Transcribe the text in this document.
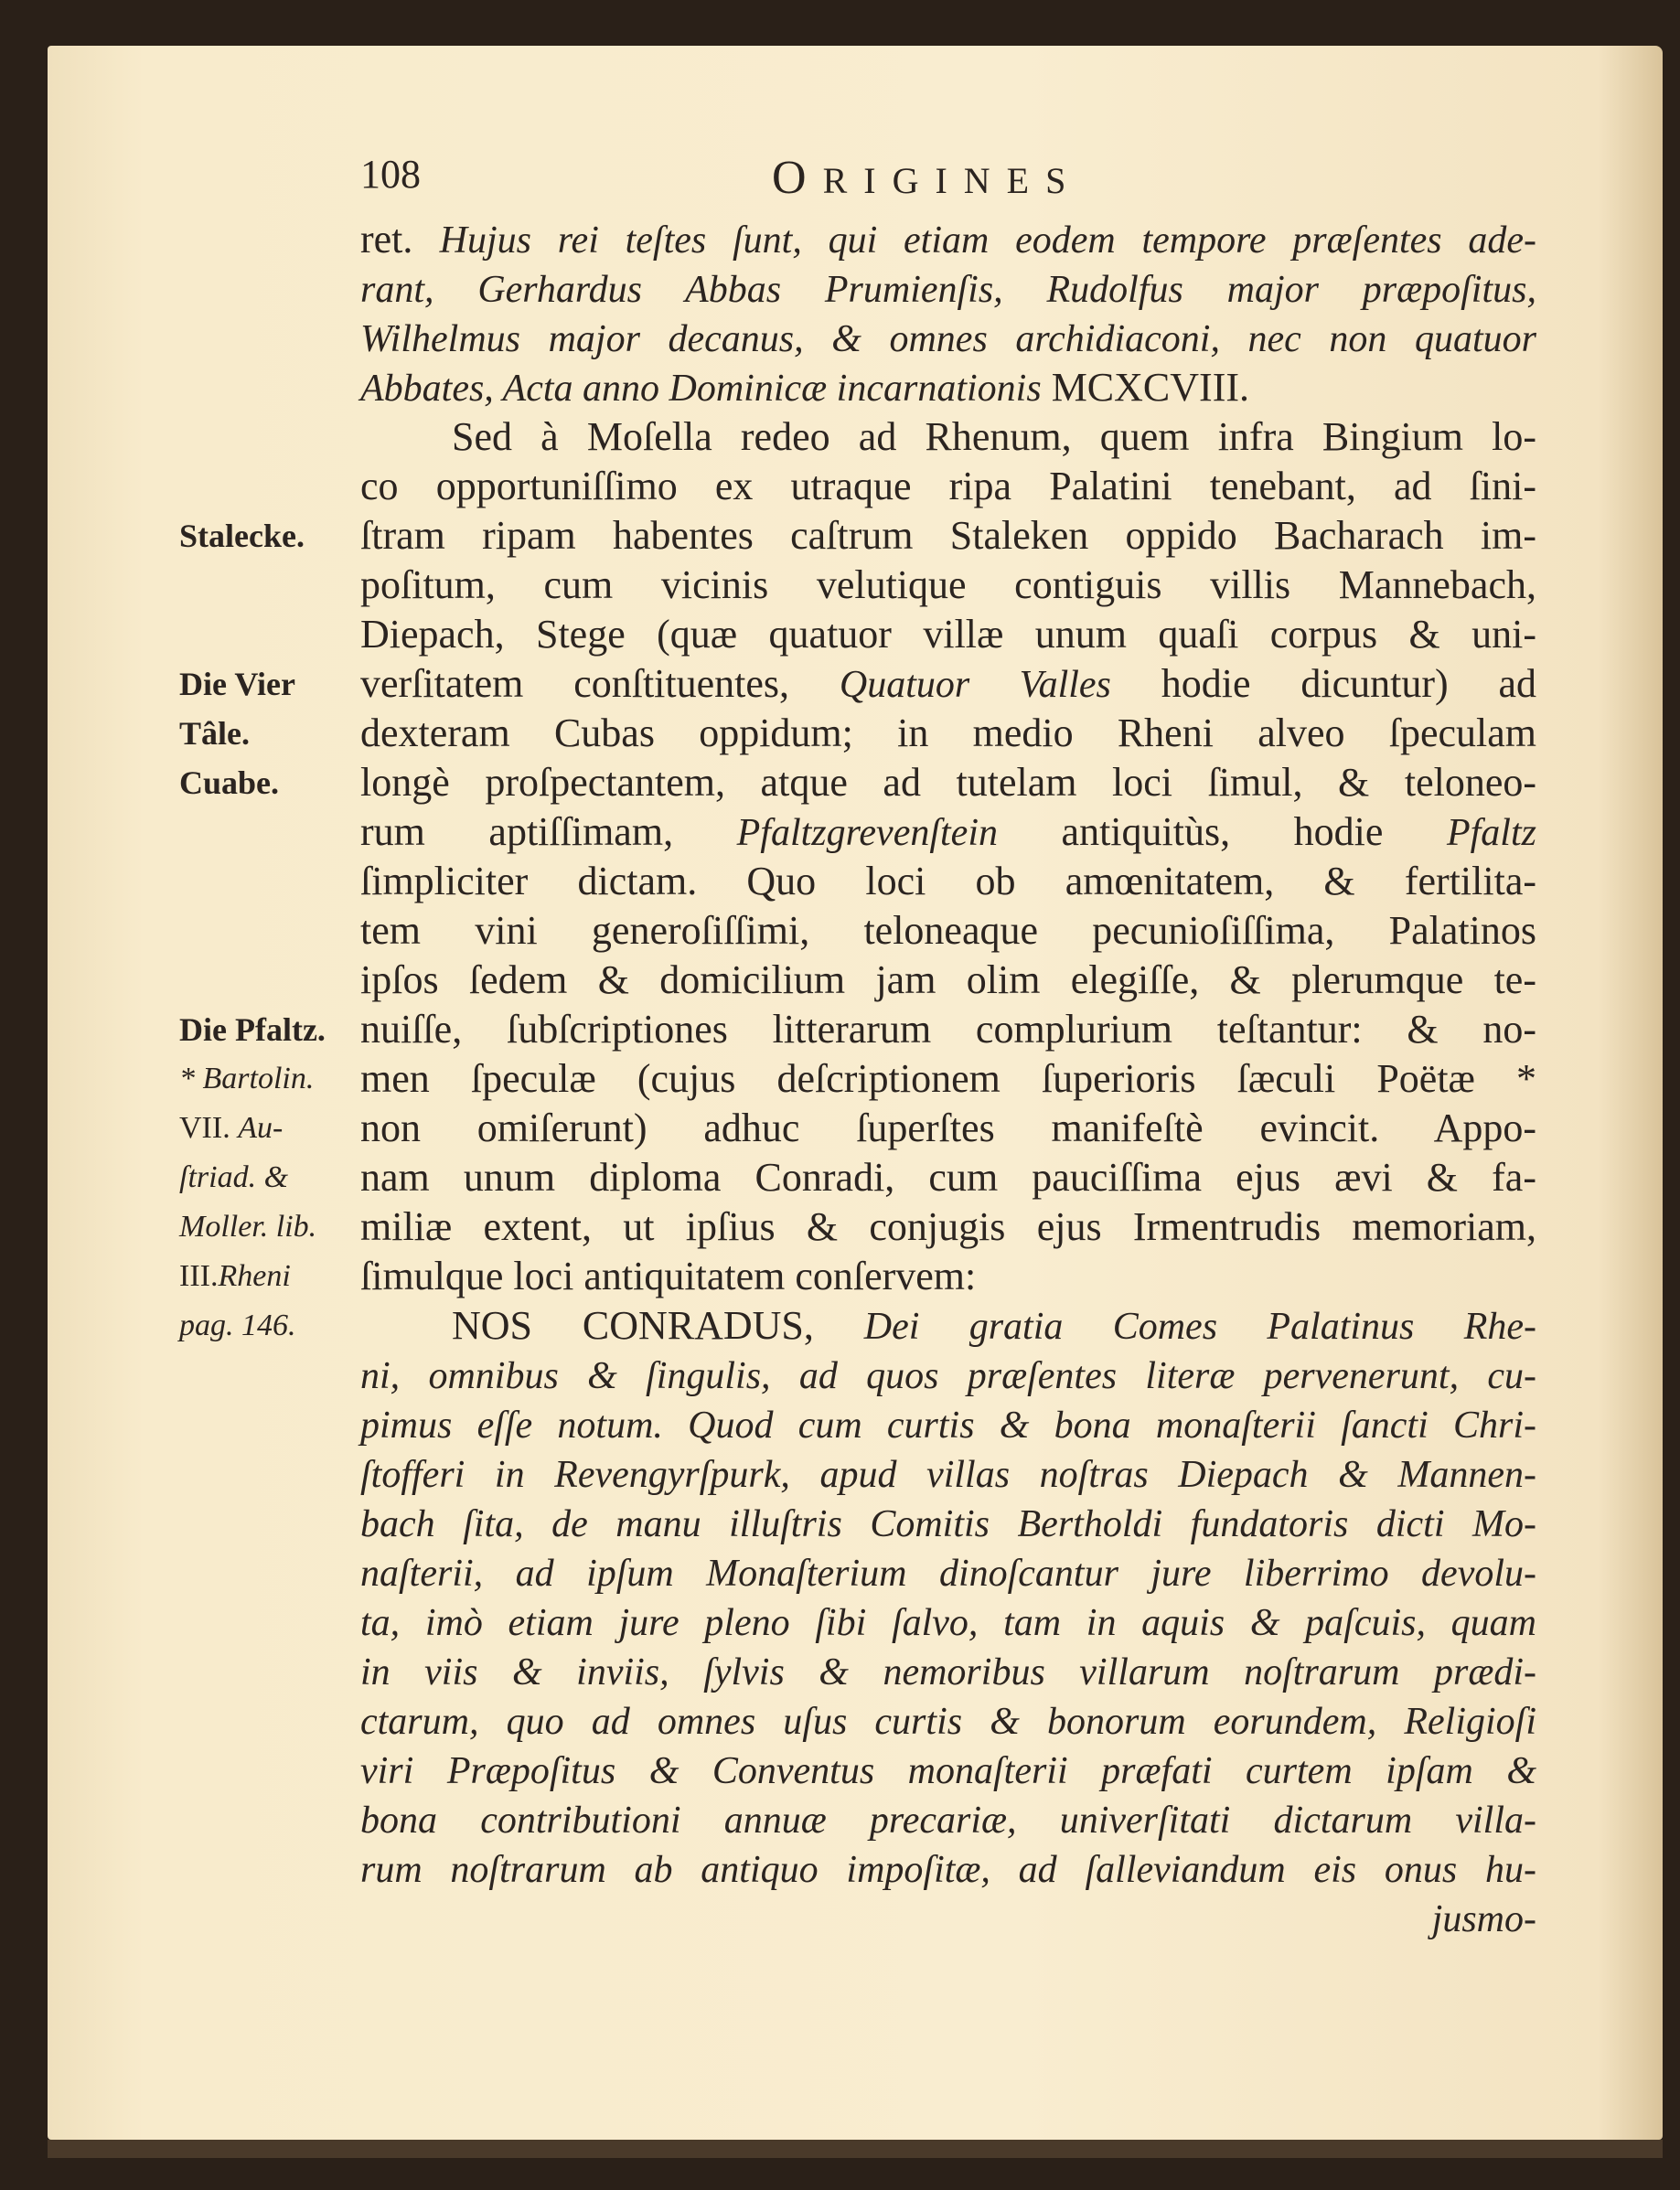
108	ORIGINES
ret. Hujus rei teſtes ſunt, qui etiam eodem tempore præſentes ade-
rant, Gerhardus Abbas Prumienſis, Rudolfus major præpoſitus,
Wilhelmus major decanus, & omnes archidiaconi, nec non quatuor
Abbates, Acta anno Dominicæ incarnationis MCXCVIII.
Sed à Moſella redeo ad Rhenum, quem infra Bingium lo-
co opportuniſſimo ex utraque ripa Palatini tenebant, ad ſini-
ſtram ripam habentes caſtrum Staleken oppido Bacharach im-
poſitum, cum vicinis velutique contiguis villis Mannebach,
Diepach, Stege (quæ quatuor villæ unum quaſi corpus & uni-
verſitatem conſtituentes, Quatuor Valles hodie dicuntur) ad
dexteram Cubas oppidum; in medio Rheni alveo ſpeculam
longè proſpectantem, atque ad tutelam loci ſimul, & teloneo-
rum aptiſſimam, Pfaltzgrevenſtein antiquitùs, hodie Pfaltz
ſimpliciter dictam. Quo loci ob amœnitatem, & fertilita-
tem vini generoſiſſimi, teloneaque pecunioſiſſima, Palatinos
ipſos ſedem & domicilium jam olim elegiſſe, & plerumque te-
nuiſſe, ſubſcriptiones litterarum complurium teſtantur: & no-
men ſpeculæ (cujus deſcriptionem ſuperioris ſæculi Poëtæ *
non omiſerunt) adhuc ſuperſtes manifeſtè evincit. Appo-
nam unum diploma Conradi, cum pauciſſima ejus ævi & fa-
miliæ extent, ut ipſius & conjugis ejus Irmentrudis memoriam,
ſimulque loci antiquitatem conſervem:
NOS CONRADUS, Dei gratia Comes Palatinus Rhe-
ni, omnibus & ſingulis, ad quos præſentes literæ pervenerunt, cu-
pimus eſſe notum. Quod cum curtis & bona monaſterii ſancti Chri-
ſtofferi in Revengyrſpurk, apud villas noſtras Diepach & Mannen-
bach ſita, de manu illuſtris Comitis Bertholdi fundatoris dicti Mo-
naſterii, ad ipſum Monaſterium dinoſcantur jure liberrimo devolu-
ta, imò etiam jure pleno ſibi ſalvo, tam in aquis & paſcuis, quam
in viis & inviis, ſylvis & nemoribus villarum noſtrarum prædi-
ctarum, quo ad omnes uſus curtis & bonorum eorundem, Religioſi
viri Præpoſitus & Conventus monaſterii præfati curtem ipſam &
bona contributioni annuæ precariæ, univerſitati dictarum villa-
rum noſtrarum ab antiquo impoſitæ, ad ſalleviandum eis onus hu-
jusmo-
Stalecke.
Die Vier
Tâle.
Cuabe.
Die Pfaltz.
* Bartolin.
VII. Au-
ſtriad. &
Moller. lib.
III.Rheni
pag. 146.
